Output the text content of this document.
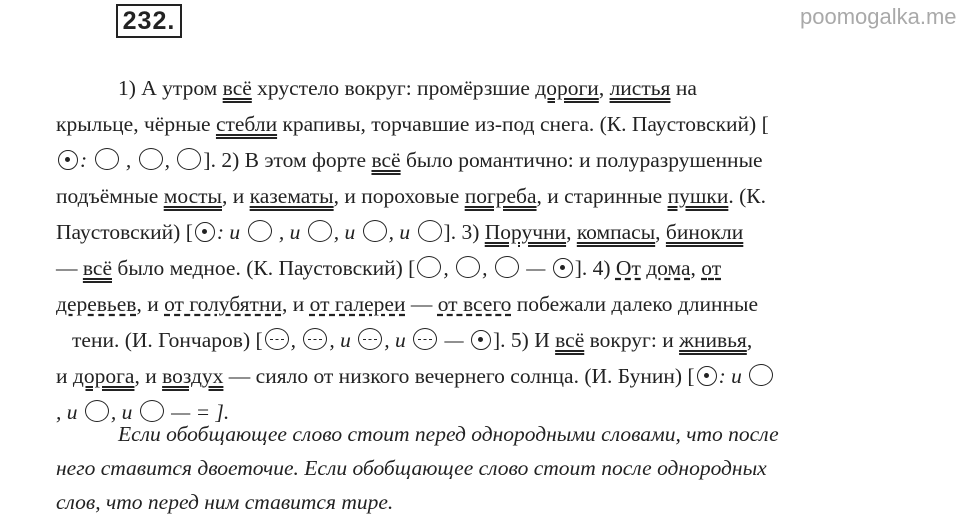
232.	poomogalka.me
1) А утром всё хрустело вокруг: промёрзшие дороги, листья на
крыльце, чёрные стебли крапивы, торчавшие из-под снега. (К. Паустовский) [
: , , ]. 2) В этом форте всё было романтично: и полуразрушенные
подъёмные мосты, и казематы, и пороховые погреба, и старинные пушки. (К.
Паустовский) [ : и , и , и , и ]. 3) Поручни, компасы, бинокли
— всё было медное. (К. Паустовский) [ , , — ]. 4) От дома, от
деревьев, и от голубятни, и от галереи — от всего побежали далеко длинные
тени. (И. Гончаров) [ , , и , и — ]. 5) И всё вокруг: и жнивья,
и дорога, и воздух — сияло от низкого вечернего солнца. (И. Бунин) [ : и
, и , и — = ].
Если обобщающее слово стоит перед однородными словами, что после
него ставится двоеточие. Если обобщающее слово стоит после однородных
слов, что перед ним ставится тире.
